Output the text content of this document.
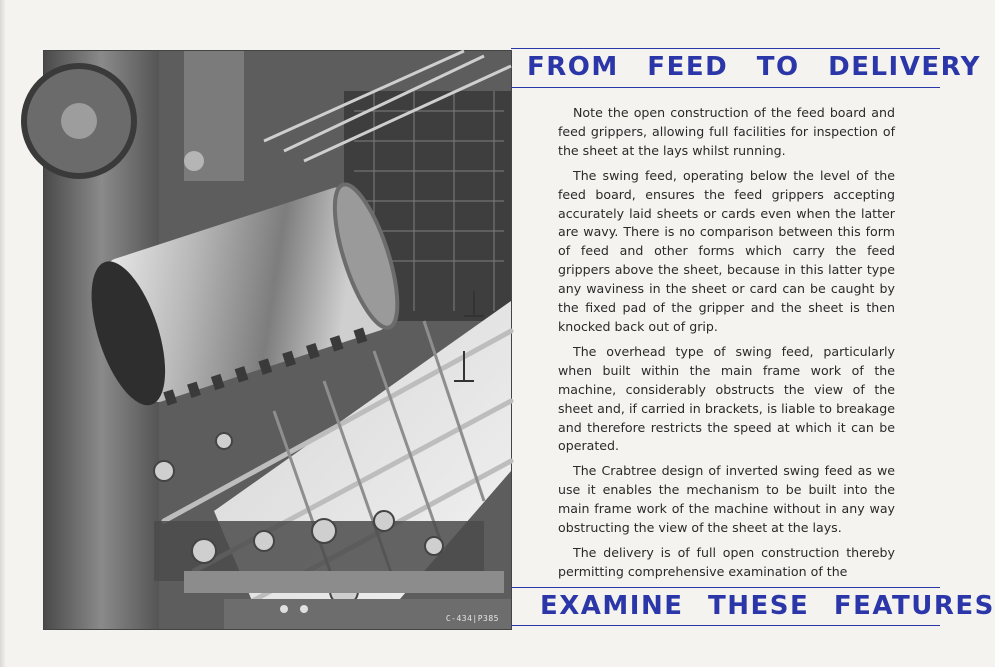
C-434|P385
FROM FEED TO DELIVERY

Note the open construction of the feed board and feed grippers, allowing full facilities for inspection of the sheet at the lays whilst running.

The swing feed, operating below the level of the feed board, ensures the feed grippers accepting accurately laid sheets or cards even when the latter are wavy. There is no comparison between this form of feed and other forms which carry the feed grippers above the sheet, because in this latter type any waviness in the sheet or card can be caught by the fixed pad of the gripper and the sheet is then knocked back out of grip.

The overhead type of swing feed, particularly when built within the main frame work of the machine, considerably obstructs the view of the sheet and, if carried in brackets, is liable to breakage and therefore restricts the speed at which it can be operated.

The Crabtree design of inverted swing feed as we use it enables the mechanism to be built into the main frame work of the machine without in any way obstructing the view of the sheet at the lays.

The delivery is of full open construction thereby permitting comprehensive examination of the

EXAMINE THESE FEATURES
